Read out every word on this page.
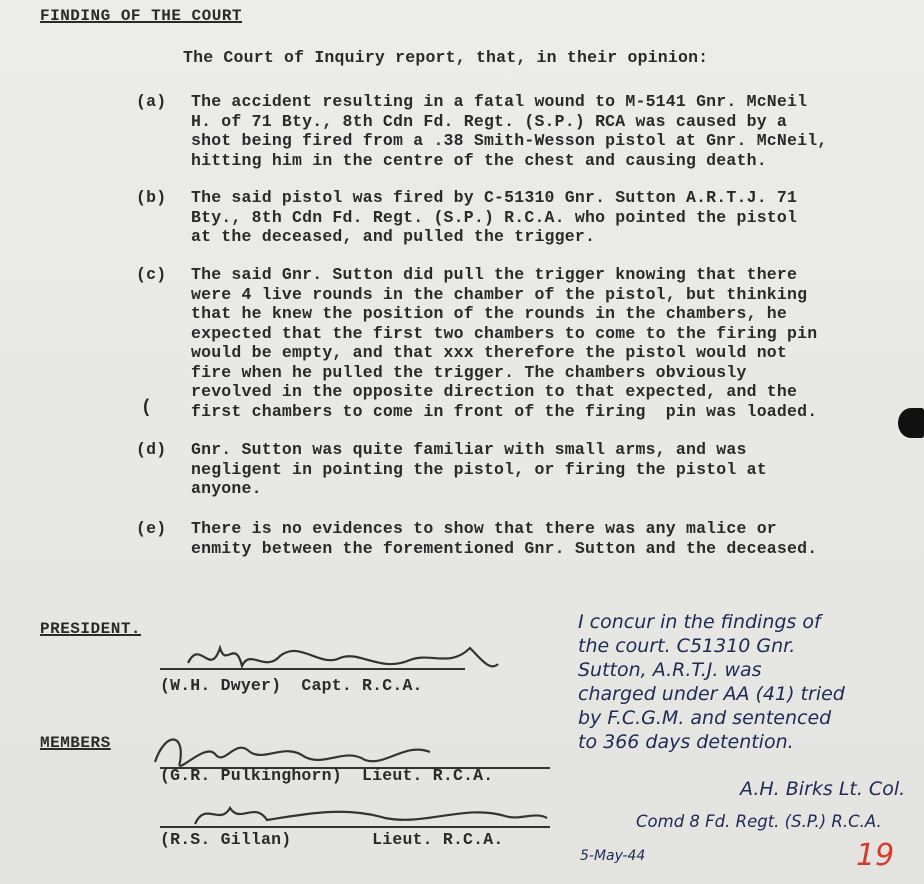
FINDING OF THE COURT
The Court of Inquiry report, that, in their opinion:
(a)	The accident resulting in a fatal wound to M-5141 Gnr. McNeil
H. of 71 Bty., 8th Cdn Fd. Regt. (S.P.) RCA was caused by a
shot being fired from a .38 Smith-Wesson pistol at Gnr. McNeil,
hitting him in the centre of the chest and causing death.
(b)	The said pistol was fired by C-51310 Gnr. Sutton A.R.T.J. 71
Bty., 8th Cdn Fd. Regt. (S.P.) R.C.A. who pointed the pistol
at the deceased, and pulled the trigger.
(c)	The said Gnr. Sutton did pull the trigger knowing that there
were 4 live rounds in the chamber of the pistol, but thinking
that he knew the position of the rounds in the chambers, he
expected that the first two chambers to come to the firing pin
would be empty, and that xxx therefore the pistol would not
fire when he pulled the trigger. The chambers obviously
revolved in the opposite direction to that expected, and the
first chambers to come in front of the firing  pin was loaded.
(
(d)	Gnr. Sutton was quite familiar with small arms, and was
negligent in pointing the pistol, or firing the pistol at
anyone.
(e)	There is no evidences to show that there was any malice or
enmity between the forementioned Gnr. Sutton and the deceased.
PRESIDENT.
(W.H. Dwyer)  Capt. R.C.A.
MEMBERS
(G.R. Pulkinghorn)  Lieut. R.C.A.
(R.S. Gillan)        Lieut. R.C.A.
I concur in the findings of
the court. C51310 Gnr.
Sutton, A.R.T.J. was
charged under AA (41) tried
by F.C.G.M. and sentenced
to 366 days detention.
A.H. Birks Lt. Col.
Comd 8 Fd. Regt. (S.P.) R.C.A.
5-May-44	19
